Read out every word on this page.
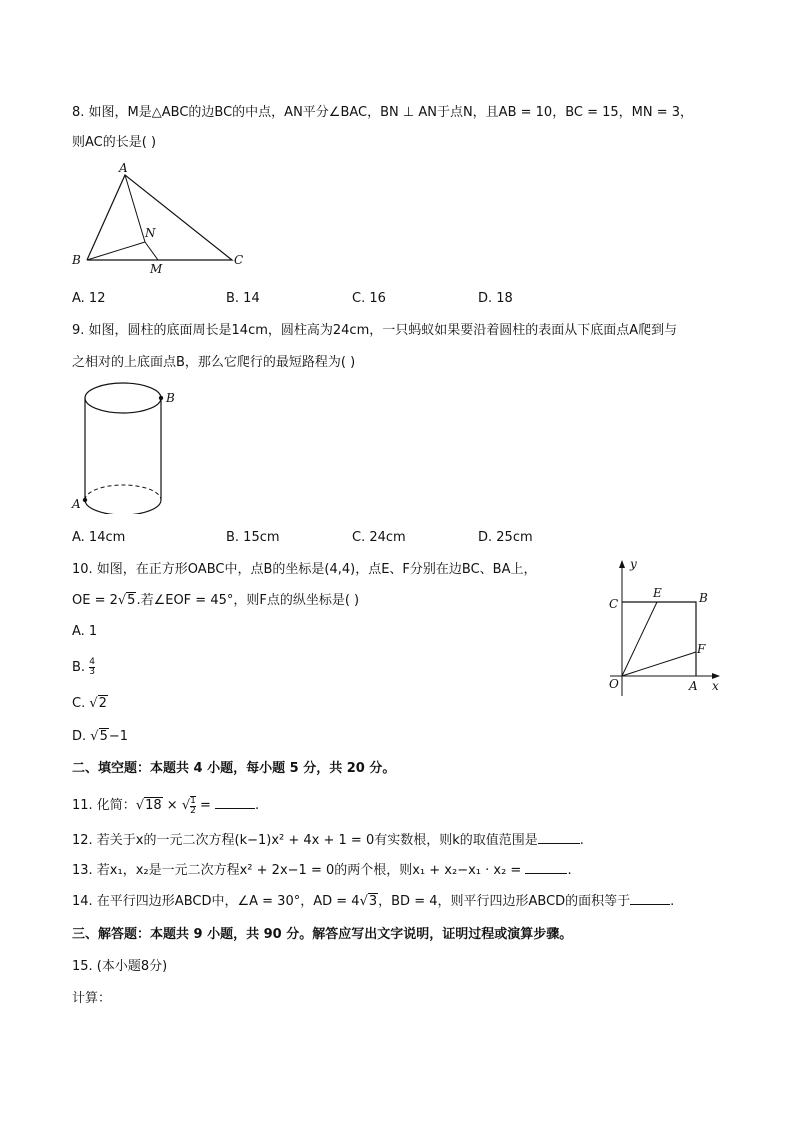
8. 如图，M是△ABC的边BC的中点，AN平分∠BAC，BN ⊥ AN于点N，且AB = 10，BC = 15，MN = 3，
则AC的长是( )
A
B	C
N
M
A. 12	B. 14	C. 16	D. 18
9. 如图，圆柱的底面周长是14cm，圆柱高为24cm，一只蚂蚁如果要沿着圆柱的表面从下底面点A爬到与
之相对的上底面点B，那么它爬行的最短路程为( )
A
B
A. 14cm	B. 15cm	C. 24cm	D. 25cm
10. 如图，在正方形OABC中，点B的坐标是(4,4)，点E、F分别在边BC、BA上，
OE = 2√5.若∠EOF = 45°，则F点的纵坐标是( )
y
x
C
E	B
F
O	A
A. 1
B. $\frac{4}{3}$
C. √2
D. √5−1
二、填空题：本题共 4 小题，每小题 5 分，共 20 分。
11. 化简：√18 × √ $\frac{1}{2}$ =	.
12. 若关于x的一元二次方程(k−1)x² + 4x + 1 = 0有实数根，则k的取值范围是	.
13. 若x₁，x₂是一元二次方程x² + 2x−1 = 0的两个根，则x₁ + x₂−x₁ · x₂ =	.
14. 在平行四边形ABCD中，∠A = 30°，AD = 4√3，BD = 4，则平行四边形ABCD的面积等于	.
三、解答题：本题共 9 小题，共 90 分。解答应写出文字说明，证明过程或演算步骤。
15. (本小题8分)
计算：
